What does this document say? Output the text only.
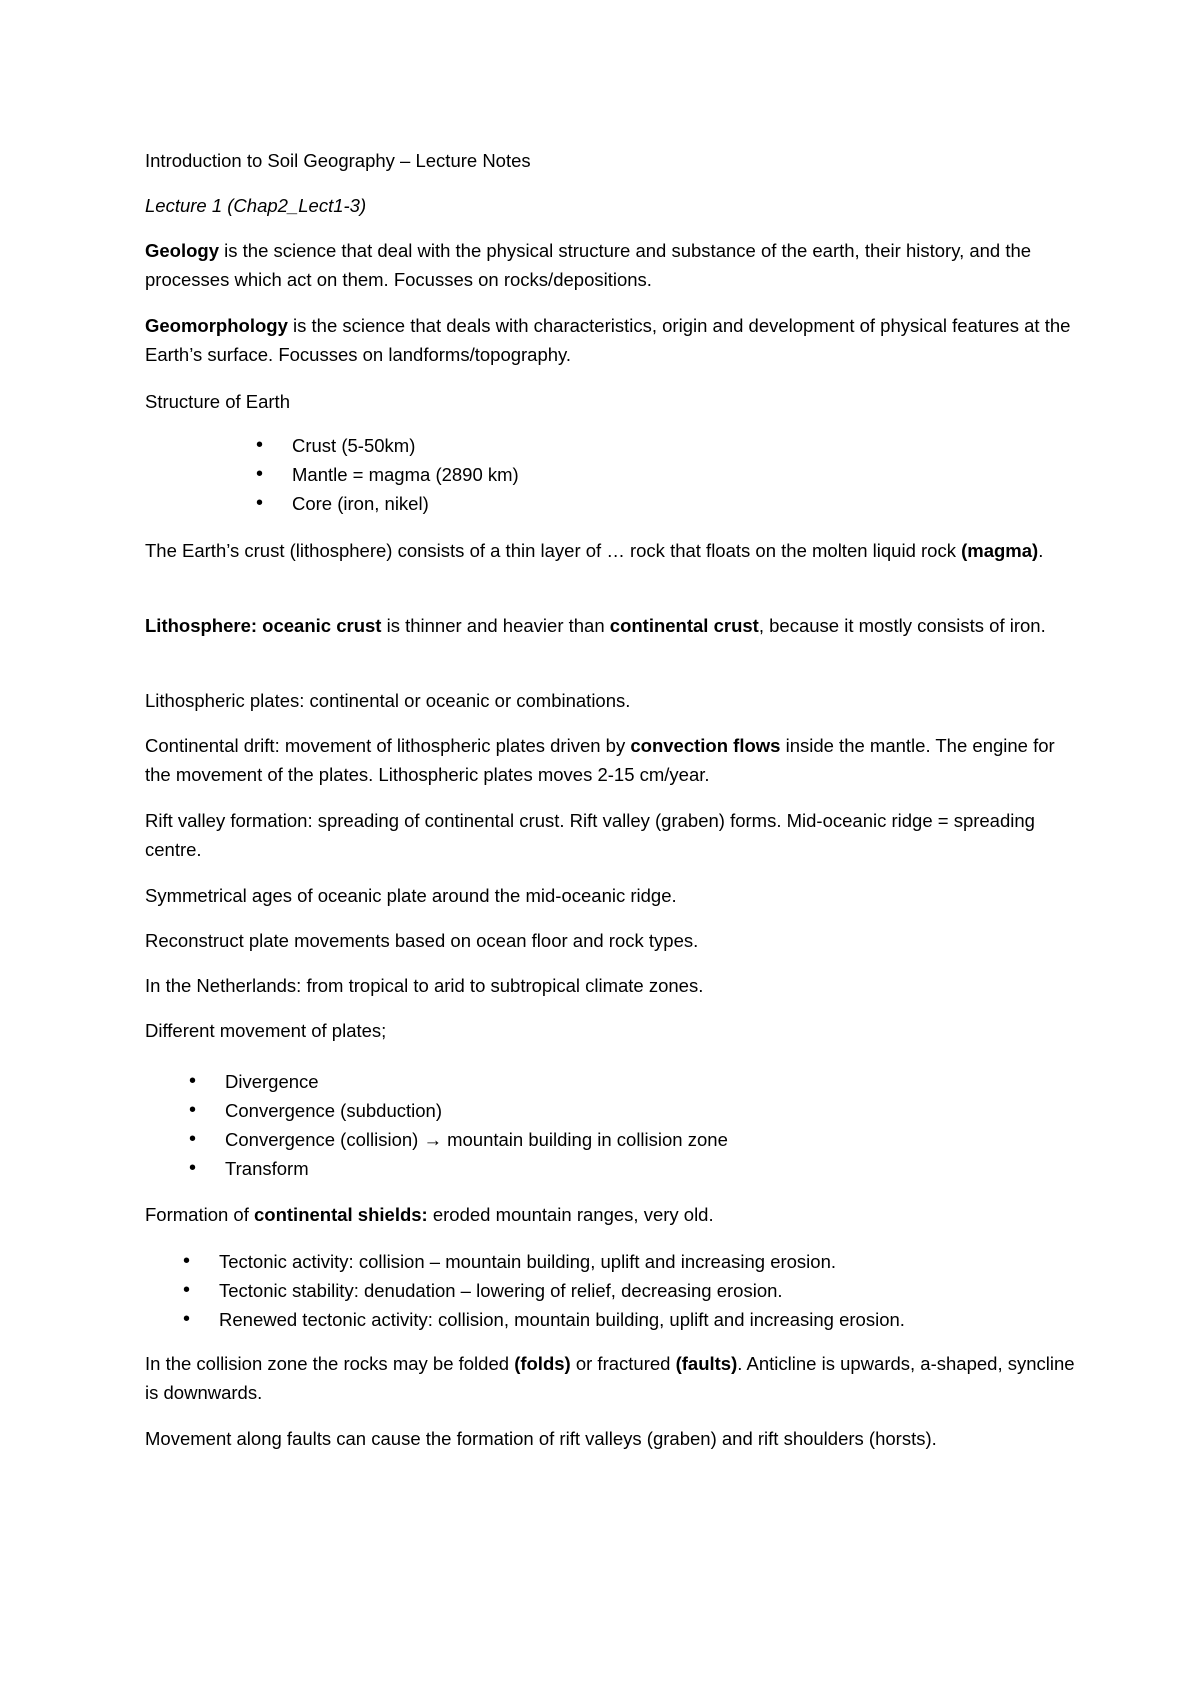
Introduction to Soil Geography – Lecture Notes

Lecture 1 (Chap2_Lect1-3)

Geology is the science that deal with the physical structure and substance of the earth, their history, and the processes which act on them. Focusses on rocks/depositions.

Geomorphology is the science that deals with characteristics, origin and development of physical features at the Earth’s surface. Focusses on landforms/topography.

Structure of Earth

• Crust (5-50km)
• Mantle = magma (2890 km)
• Core (iron, nikel)

The Earth’s crust (lithosphere) consists of a thin layer of … rock that floats on the molten liquid rock (magma).

Lithosphere: oceanic crust is thinner and heavier than continental crust, because it mostly consists of iron.

Lithospheric plates: continental or oceanic or combinations.

Continental drift: movement of lithospheric plates driven by convection flows inside the mantle. The engine for the movement of the plates. Lithospheric plates moves 2-15 cm/year.

Rift valley formation: spreading of continental crust. Rift valley (graben) forms. Mid-oceanic ridge = spreading centre.

Symmetrical ages of oceanic plate around the mid-oceanic ridge.

Reconstruct plate movements based on ocean floor and rock types.

In the Netherlands: from tropical to arid to subtropical climate zones.

Different movement of plates;

• Divergence
• Convergence (subduction)
• Convergence (collision) → mountain building in collision zone
• Transform

Formation of continental shields: eroded mountain ranges, very old.

• Tectonic activity: collision – mountain building, uplift and increasing erosion.
• Tectonic stability: denudation – lowering of relief, decreasing erosion.
• Renewed tectonic activity: collision, mountain building, uplift and increasing erosion.

In the collision zone the rocks may be folded (folds) or fractured (faults). Anticline is upwards, a-shaped, syncline is downwards.

Movement along faults can cause the formation of rift valleys (graben) and rift shoulders (horsts).
